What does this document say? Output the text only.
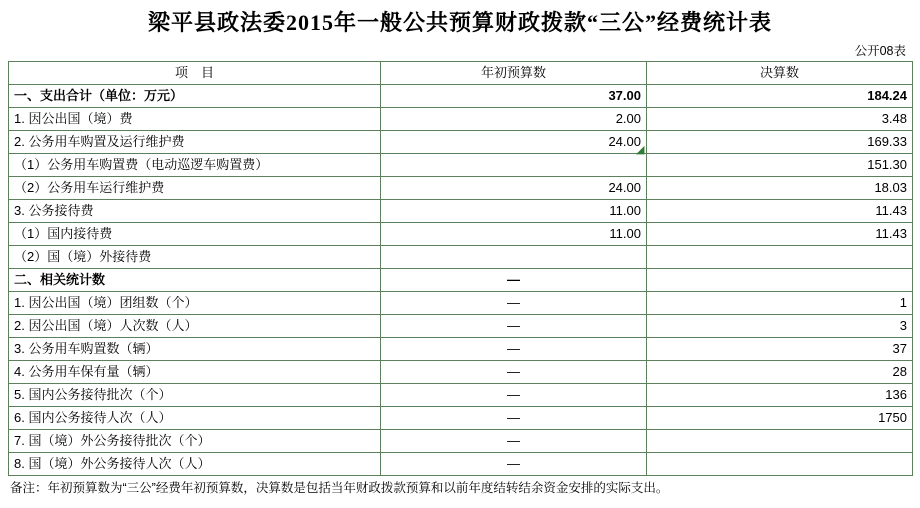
梁平县政法委2015年一般公共预算财政拨款“三公”经费统计表
公开08表
项　目	年初预算数	决算数
一、支出合计（单位：万元）	37.00	184.24
1. 因公出国（境）费	2.00	3.48
2. 公务用车购置及运行维护费	24.00	169.33
（1）公务用车购置费（电动巡逻车购置费）		151.30
（2）公务用车运行维护费	24.00	18.03
3. 公务接待费	11.00	11.43
（1）国内接待费	11.00	11.43
（2）国（境）外接待费		
二、相关统计数	—	
1. 因公出国（境）团组数（个）	—	1
2. 因公出国（境）人次数（人）	—	3
3. 公务用车购置数（辆）	—	37
4. 公务用车保有量（辆）	—	28
5. 国内公务接待批次（个）	—	136
6. 国内公务接待人次（人）	—	1750
7. 国（境）外公务接待批次（个）	—	
8. 国（境）外公务接待人次（人）	—	
◢
备注：年初预算数为“三公”经费年初预算数，决算数是包括当年财政拨款预算和以前年度结转结余资金安排的实际支出。
